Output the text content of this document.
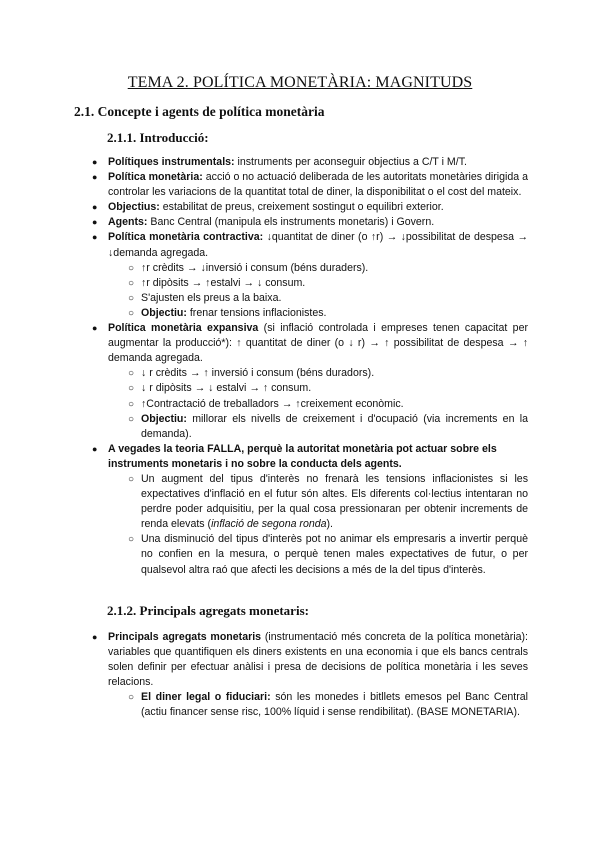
TEMA 2. POLÍTICA MONETÀRIA: MAGNITUDS
2.1. Concepte i agents de política monetària
2.1.1. Introducció:
● Polítiques instrumentals: instruments per aconseguir objectius a C/T i M/T.
● Política monetària: acció o no actuació deliberada de les autoritats monetàries dirigida a controlar les variacions de la quantitat total de diner, la disponibilitat o el cost del mateix.
● Objectius: estabilitat de preus, creixement sostingut o equilibri exterior.
● Agents: Banc Central (manipula els instruments monetaris) i Govern.
● Política monetària contractiva: ↓quantitat de diner (o ↑r) → ↓possibilitat de despesa → ↓demanda agregada.
○ ↑r crèdits → ↓inversió i consum (béns duraders).
○ ↑r dipòsits → ↑estalvi → ↓ consum.
○ S'ajusten els preus a la baixa.
○ Objectiu: frenar tensions inflacionistes.
● Política monetària expansiva (si inflació controlada i empreses tenen capacitat per augmentar la producció*): ↑ quantitat de diner (o ↓ r) → ↑ possibilitat de despesa → ↑ demanda agregada.
○ ↓ r crèdits → ↑ inversió i consum (béns duradors).
○ ↓ r dipòsits → ↓ estalvi → ↑ consum.
○ ↑Contractació de treballadors → ↑creixement econòmic.
○ Objectiu: millorar els nivells de creixement i d'ocupació (via increments en la demanda).
● A vegades la teoria FALLA, perquè la autoritat monetària pot actuar sobre els instruments monetaris i no sobre la conducta dels agents.
○ Un augment del tipus d'interès no frenarà les tensions inflacionistes si les expectatives d'inflació en el futur són altes. Els diferents col·lectius intentaran no perdre poder adquisitiu, per la qual cosa pressionaran per obtenir increments de renda elevats (inflació de segona ronda).
○ Una disminució del tipus d'interès pot no animar els empresaris a invertir perquè no confien en la mesura, o perquè tenen males expectatives de futur, o per qualsevol altra raó que afecti les decisions a més de la del tipus d'interès.
2.1.2. Principals agregats monetaris:
● Principals agregats monetaris (instrumentació més concreta de la política monetària): variables que quantifiquen els diners existents en una economia i que els bancs centrals solen definir per efectuar anàlisi i presa de decisions de política monetària i les seves relacions.
○ El diner legal o fiduciari: són les monedes i bitllets emesos pel Banc Central (actiu financer sense risc, 100% líquid i sense rendibilitat). (BASE MONETARIA).
